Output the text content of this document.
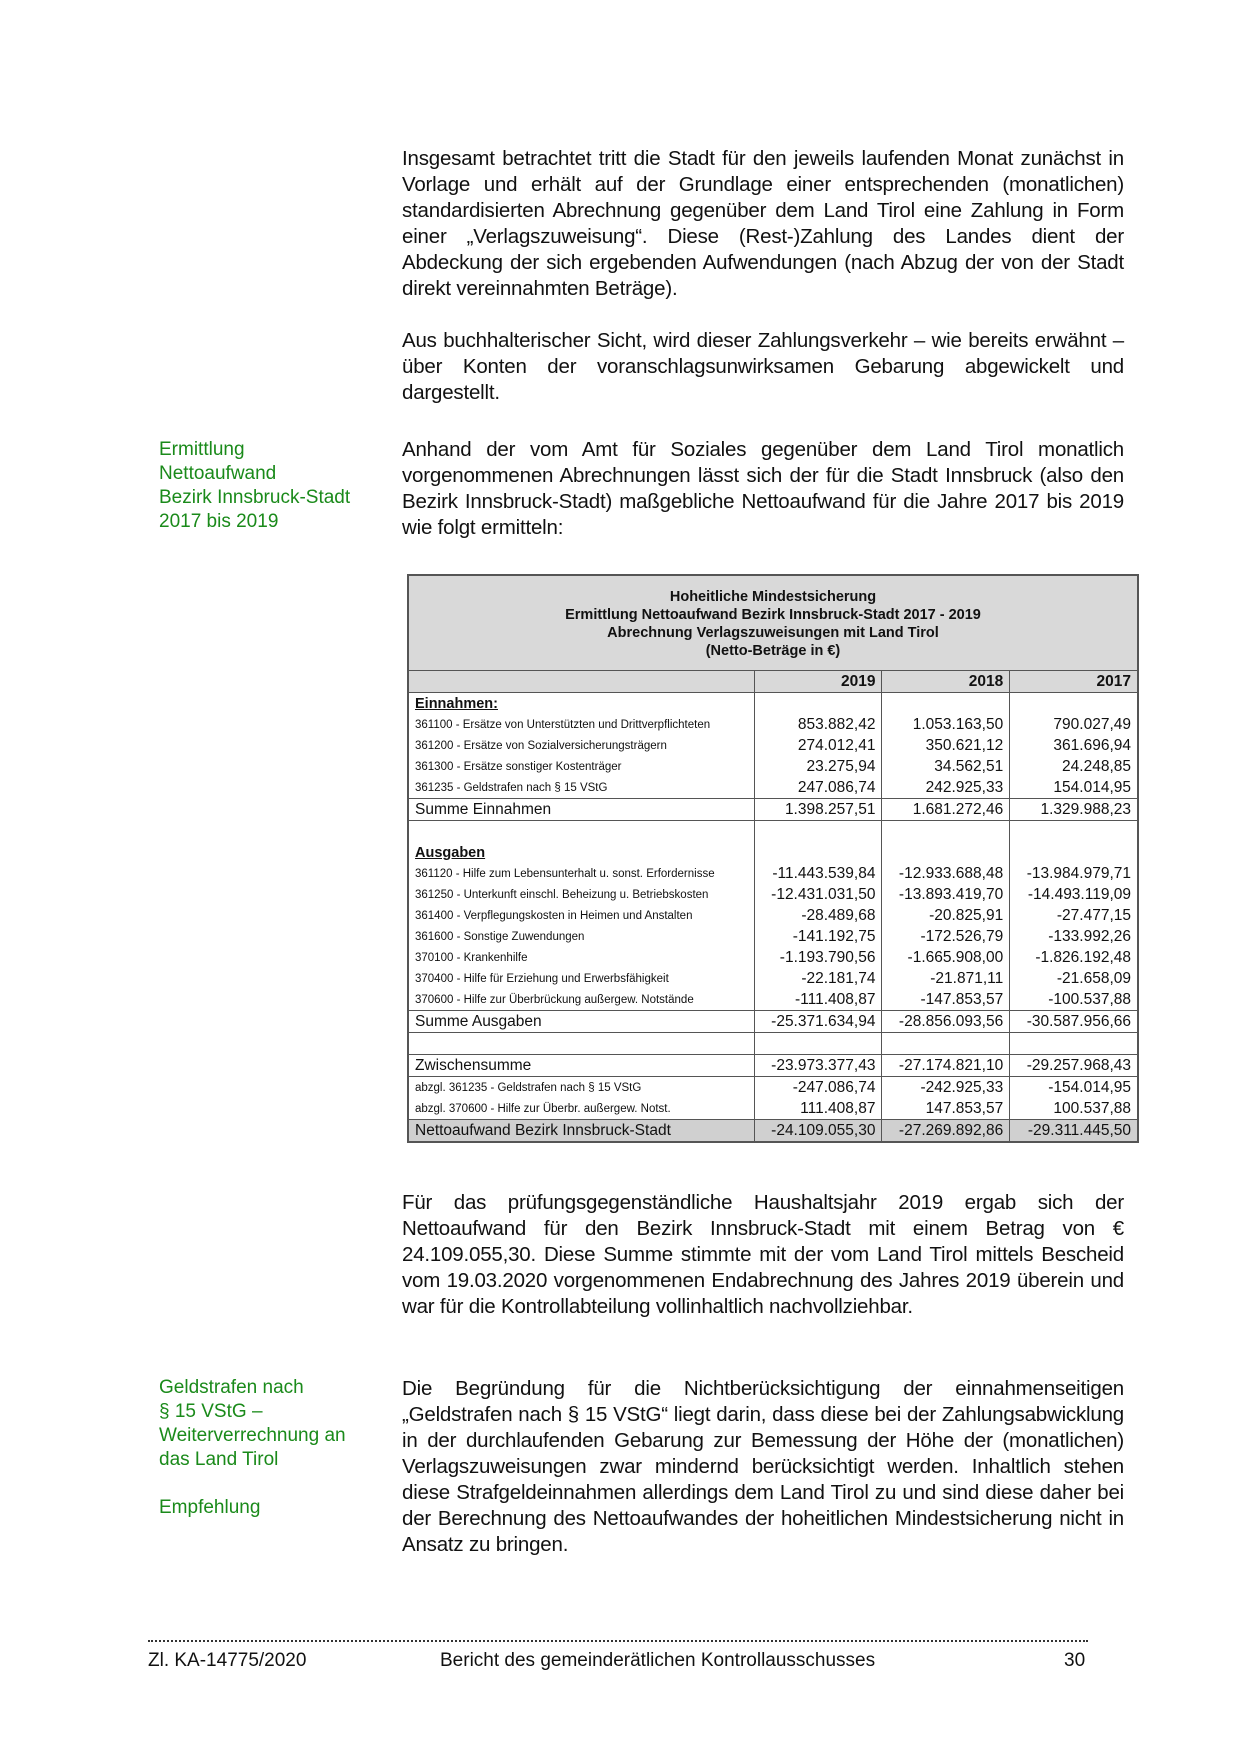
Insgesamt betrachtet tritt die Stadt für den jeweils laufenden Monat zunächst in Vorlage und erhält auf der Grundlage einer entsprechenden (monatlichen) standardisierten Abrechnung gegenüber dem Land Tirol eine Zahlung in Form einer „Verlagszuweisung“. Diese (Rest-)Zahlung des Landes dient der Abdeckung der sich ergebenden Aufwendungen (nach Abzug der von der Stadt direkt vereinnahmten Beträge).
Aus buchhalterischer Sicht, wird dieser Zahlungsverkehr – wie bereits erwähnt – über Konten der voranschlagsunwirksamen Gebarung abgewickelt und dargestellt.
Anhand der vom Amt für Soziales gegenüber dem Land Tirol monatlich vorgenommenen Abrechnungen lässt sich der für die Stadt Innsbruck (also den Bezirk Innsbruck-Stadt) maßgebliche Nettoaufwand für die Jahre 2017 bis 2019 wie folgt ermitteln:
Ermittlung
Nettoaufwand
Bezirk Innsbruck-Stadt
2017 bis 2019
Hoheitliche Mindestsicherung
Ermittlung Nettoaufwand Bezirk Innsbruck-Stadt 2017 - 2019
Abrechnung Verlagszuweisungen mit Land Tirol
(Netto-Beträge in €)
	2019	2018	2017
Einnahmen:			
361100 - Ersätze von Unterstützten und Drittverpflichteten	853.882,42	1.053.163,50	790.027,49
361200 - Ersätze von Sozialversicherungsträgern	274.012,41	350.621,12	361.696,94
361300 - Ersätze sonstiger Kostenträger	23.275,94	34.562,51	24.248,85
361235 - Geldstrafen nach § 15 VStG	247.086,74	242.925,33	154.014,95
Summe Einnahmen	1.398.257,51	1.681.272,46	1.329.988,23

Ausgaben			
361120 - Hilfe zum Lebensunterhalt u. sonst. Erfordernisse	-11.443.539,84	-12.933.688,48	-13.984.979,71
361250 - Unterkunft einschl. Beheizung u. Betriebskosten	-12.431.031,50	-13.893.419,70	-14.493.119,09
361400 - Verpflegungskosten in Heimen und Anstalten	-28.489,68	-20.825,91	-27.477,15
361600 - Sonstige Zuwendungen	-141.192,75	-172.526,79	-133.992,26
370100 - Krankenhilfe	-1.193.790,56	-1.665.908,00	-1.826.192,48
370400 - Hilfe für Erziehung und Erwerbsfähigkeit	-22.181,74	-21.871,11	-21.658,09
370600 - Hilfe zur Überbrückung außergew. Notstände	-111.408,87	-147.853,57	-100.537,88
Summe Ausgaben	-25.371.634,94	-28.856.093,56	-30.587.956,66

Zwischensumme	-23.973.377,43	-27.174.821,10	-29.257.968,43
abzgl. 361235 - Geldstrafen nach § 15 VStG	-247.086,74	-242.925,33	-154.014,95
abzgl. 370600 - Hilfe zur Überbr. außergew. Notst.	111.408,87	147.853,57	100.537,88
Nettoaufwand Bezirk Innsbruck-Stadt	-24.109.055,30	-27.269.892,86	-29.311.445,50
Für das prüfungsgegenständliche Haushaltsjahr 2019 ergab sich der Nettoaufwand für den Bezirk Innsbruck-Stadt mit einem Betrag von € 24.109.055,30. Diese Summe stimmte mit der vom Land Tirol mittels Bescheid vom 19.03.2020 vorgenommenen Endabrechnung des Jahres 2019 überein und war für die Kontrollabteilung vollinhaltlich nachvollziehbar.
Geldstrafen nach
§ 15 VStG –
Weiterverrechnung an
das Land Tirol
Empfehlung
Die Begründung für die Nichtberücksichtigung der einnahmenseitigen „Geldstrafen nach § 15 VStG“ liegt darin, dass diese bei der Zahlungsabwicklung in der durchlaufenden Gebarung zur Bemessung der Höhe der (monatlichen) Verlagszuweisungen zwar mindernd berücksichtigt werden. Inhaltlich stehen diese Strafgeldeinnahmen allerdings dem Land Tirol zu und sind diese daher bei der Berechnung des Nettoaufwandes der hoheitlichen Mindestsicherung nicht in Ansatz zu bringen.
Zl. KA-14775/2020	Bericht des gemeinderätlichen Kontrollausschusses	30
